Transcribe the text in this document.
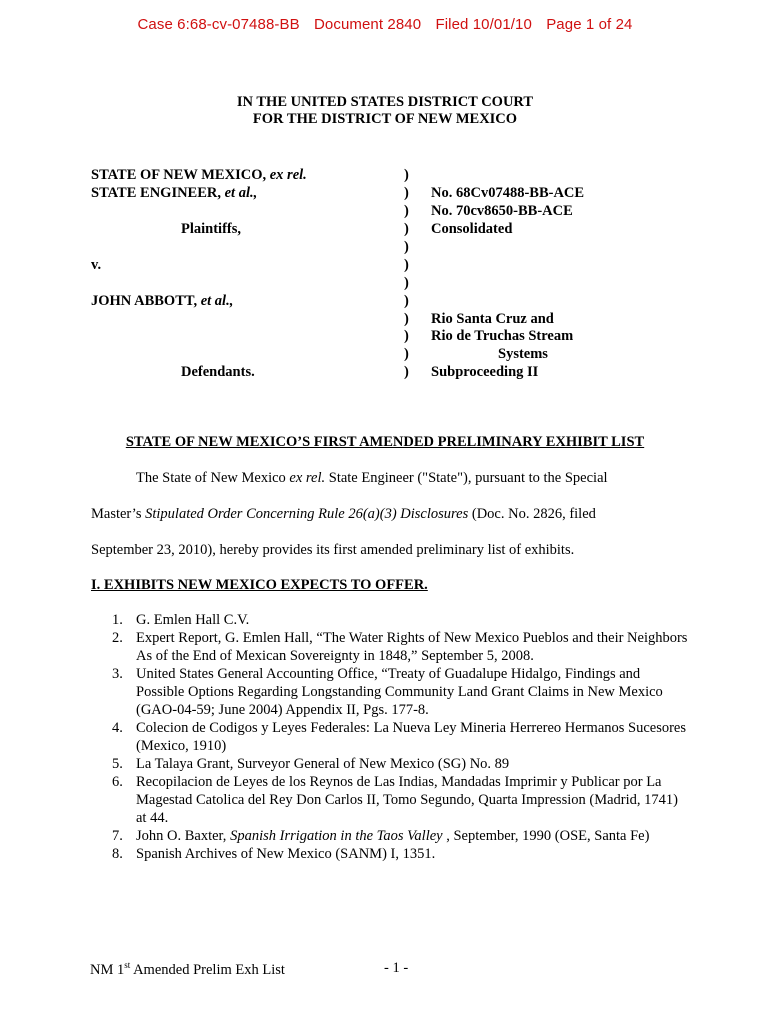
Case 6:68-cv-07488-BB Document 2840 Filed 10/01/10 Page 1 of 24
IN THE UNITED STATES DISTRICT COURT
FOR THE DISTRICT OF NEW MEXICO
STATE OF NEW MEXICO, ex rel.
STATE ENGINEER, et al.,
Plaintiffs,
v.
JOHN ABBOTT, et al.,
Defendants.
)
)
)
)
)
)
)
)
)
)
)
)
No. 68Cv07488-BB-ACE
No. 70cv8650-BB-ACE
Consolidated
Rio Santa Cruz and
Rio de Truchas Stream
Systems
Subproceeding II
STATE OF NEW MEXICO’S FIRST AMENDED PRELIMINARY EXHIBIT LIST
The State of New Mexico ex rel. State Engineer ("State"), pursuant to the Special
Master’s Stipulated Order Concerning Rule 26(a)(3) Disclosures (Doc. No. 2826, filed
September 23, 2010), hereby provides its first amended preliminary list of exhibits.
I. EXHIBITS NEW MEXICO EXPECTS TO OFFER.
1. G. Emlen Hall C.V.
2. Expert Report, G. Emlen Hall, “The Water Rights of New Mexico Pueblos and their Neighbors As of the End of Mexican Sovereignty in 1848,” September 5, 2008.
3. United States General Accounting Office, “Treaty of Guadalupe Hidalgo, Findings and Possible Options Regarding Longstanding Community Land Grant Claims in New Mexico (GAO-04-59; June 2004) Appendix II, Pgs. 177-8.
4. Colecion de Codigos y Leyes Federales: La Nueva Ley Mineria Herrereo Hermanos Sucesores (Mexico, 1910)
5. La Talaya Grant, Surveyor General of New Mexico (SG) No. 89
6. Recopilacion de Leyes de los Reynos de Las Indias, Mandadas Imprimir y Publicar por La Magestad Catolica del Rey Don Carlos II, Tomo Segundo, Quarta Impression (Madrid, 1741) at 44.
7. John O. Baxter, Spanish Irrigation in the Taos Valley , September, 1990 (OSE, Santa Fe)
8. Spanish Archives of New Mexico (SANM) I, 1351.
NM 1st Amended Prelim Exh List	- 1 -
